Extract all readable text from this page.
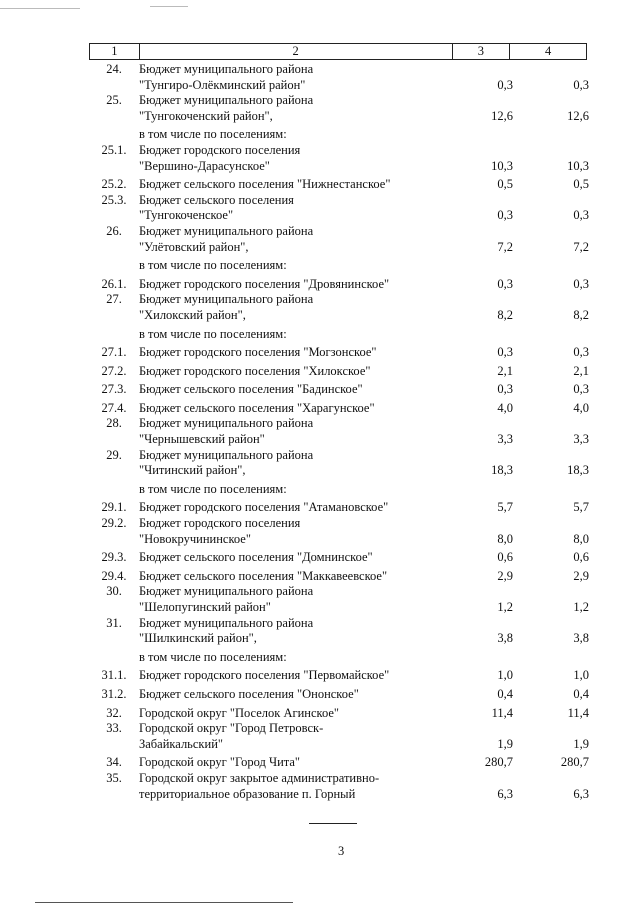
1	2	3	4
24.	Бюджет муниципального района
"Тунгиро-Олёкминский район"	0,3	0,3
25.	Бюджет муниципального района
"Тунгокоченский район",	12,6	12,6
в том числе по поселениям:
25.1.	Бюджет городского поселения
"Вершино-Дарасунское"	10,3	10,3
25.2.	Бюджет сельского поселения "Нижнестанское"	0,5	0,5
25.3.	Бюджет сельского поселения
"Тунгокоченское"	0,3	0,3
26.	Бюджет муниципального района
"Улётовский район",	7,2	7,2
в том числе по поселениям:
26.1.	Бюджет городского поселения "Дровянинское"	0,3	0,3
27.	Бюджет муниципального района
"Хилокский район",	8,2	8,2
в том числе по поселениям:
27.1.	Бюджет городского поселения "Могзонское"	0,3	0,3
27.2.	Бюджет городского поселения "Хилокское"	2,1	2,1
27.3.	Бюджет сельского поселения "Бадинское"	0,3	0,3
27.4.	Бюджет сельского поселения "Харагунское"	4,0	4,0
28.	Бюджет муниципального района
"Чернышевский район"	3,3	3,3
29.	Бюджет муниципального района
"Читинский район",	18,3	18,3
в том числе по поселениям:
29.1.	Бюджет городского поселения "Атамановское"	5,7	5,7
29.2.	Бюджет городского поселения
"Новокручининское"	8,0	8,0
29.3.	Бюджет сельского поселения "Домнинское"	0,6	0,6
29.4.	Бюджет сельского поселения "Маккавеевское"	2,9	2,9
30.	Бюджет муниципального района
"Шелопугинский район"	1,2	1,2
31.	Бюджет муниципального района
"Шилкинский район",	3,8	3,8
в том числе по поселениям:
31.1.	Бюджет городского поселения "Первомайское"	1,0	1,0
31.2.	Бюджет сельского поселения "Ононское"	0,4	0,4
32.	Городской округ "Поселок Агинское"	11,4	11,4
33.	Городской округ "Город Петровск-
Забайкальский"	1,9	1,9
34.	Городской округ "Город Чита"	280,7	280,7
35.	Городской округ закрытое административно-
территориальное образование п. Горный	6,3	6,3
3
